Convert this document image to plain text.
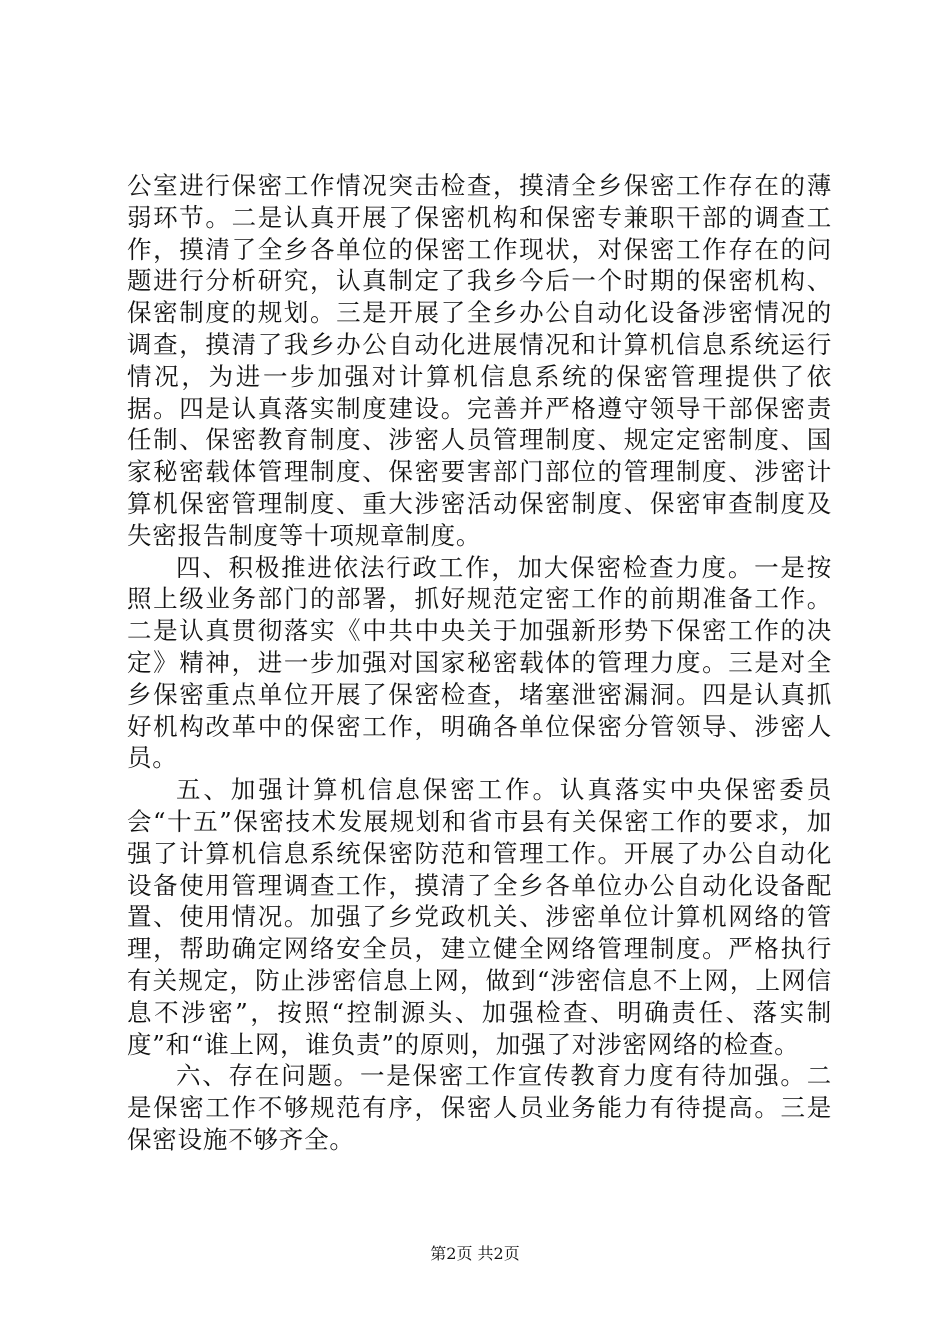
公室进行保密工作情况突击检查，摸清全乡保密工作存在的薄弱环节。二是认真开展了保密机构和保密专兼职干部的调查工作，摸清了全乡各单位的保密工作现状，对保密工作存在的问题进行分析研究，认真制定了我乡今后一个时期的保密机构、保密制度的规划。三是开展了全乡办公自动化设备涉密情况的调查，摸清了我乡办公自动化进展情况和计算机信息系统运行情况，为进一步加强对计算机信息系统的保密管理提供了依据。四是认真落实制度建设。完善并严格遵守领导干部保密责任制、保密教育制度、涉密人员管理制度、规定定密制度、国家秘密载体管理制度、保密要害部门部位的管理制度、涉密计算机保密管理制度、重大涉密活动保密制度、保密审查制度及失密报告制度等十项规章制度。

四、积极推进依法行政工作，加大保密检查力度。一是按照上级业务部门的部署，抓好规范定密工作的前期准备工作。二是认真贯彻落实《中共中央关于加强新形势下保密工作的决定》精神，进一步加强对国家秘密载体的管理力度。三是对全乡保密重点单位开展了保密检查，堵塞泄密漏洞。四是认真抓好机构改革中的保密工作，明确各单位保密分管领导、涉密人员。

五、加强计算机信息保密工作。认真落实中央保密委员会“十五”保密技术发展规划和省市县有关保密工作的要求，加强了计算机信息系统保密防范和管理工作。开展了办公自动化设备使用管理调查工作，摸清了全乡各单位办公自动化设备配置、使用情况。加强了乡党政机关、涉密单位计算机网络的管理，帮助确定网络安全员，建立健全网络管理制度。严格执行有关规定，防止涉密信息上网，做到“涉密信息不上网，上网信息不涉密”，按照“控制源头、加强检查、明确责任、落实制度”和“谁上网，谁负责”的原则，加强了对涉密网络的检查。

六、存在问题。一是保密工作宣传教育力度有待加强。二是保密工作不够规范有序，保密人员业务能力有待提高。三是保密设施不够齐全。

第2页 共2页
